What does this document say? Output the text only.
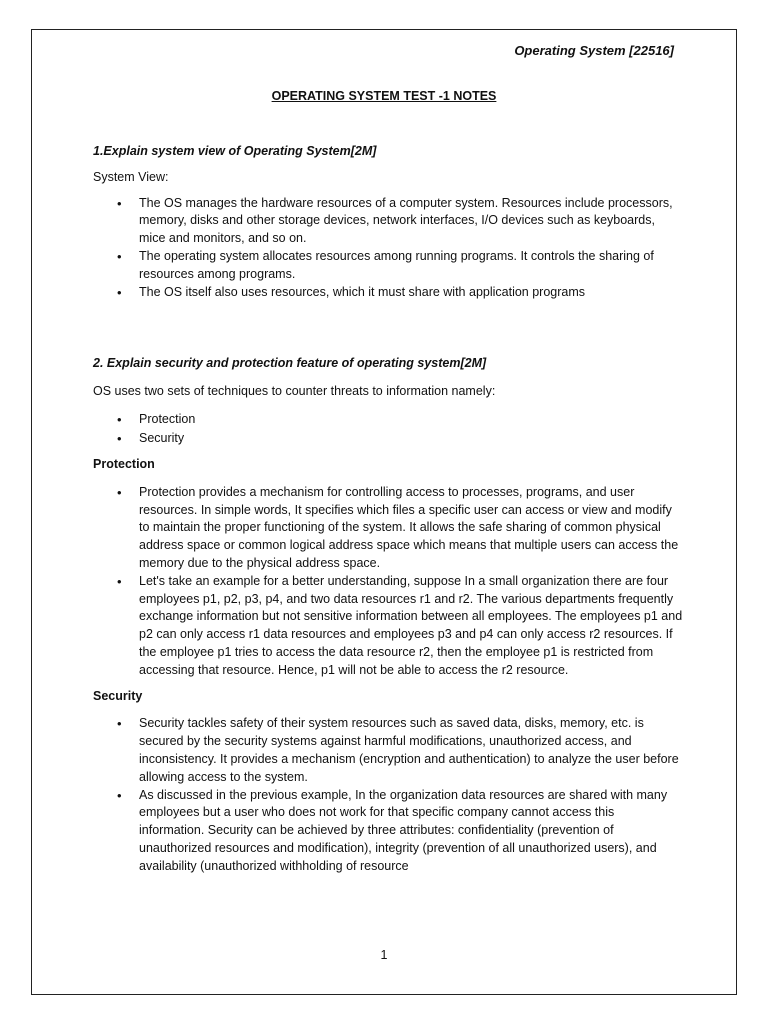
Operating System [22516]
OPERATING SYSTEM TEST -1 NOTES

1.Explain system view of Operating System[2M]

System View:

• The OS manages the hardware resources of a computer system. Resources include processors, memory, disks and other storage devices, network interfaces, I/O devices such as keyboards, mice and monitors, and so on.
• The operating system allocates resources among running programs. It controls the sharing of resources among programs.
• The OS itself also uses resources, which it must share with application programs

2. Explain security and protection feature of operating system[2M]

OS uses two sets of techniques to counter threats to information namely:

• Protection
• Security

Protection

• Protection provides a mechanism for controlling access to processes, programs, and user resources. In simple words, It specifies which files a specific user can access or view and modify to maintain the proper functioning of the system. It allows the safe sharing of common physical address space or common logical address space which means that multiple users can access the memory due to the physical address space.
• Let's take an example for a better understanding, suppose In a small organization there are four employees p1, p2, p3, p4, and two data resources r1 and r2. The various departments frequently exchange information but not sensitive information between all employees. The employees p1 and p2 can only access r1 data resources and employees p3 and p4 can only access r2 resources. If the employee p1 tries to access the data resource r2, then the employee p1 is restricted from accessing that resource. Hence, p1 will not be able to access the r2 resource.

Security

• Security tackles safety of their system resources such as saved data, disks, memory, etc. is secured by the security systems against harmful modifications, unauthorized access, and inconsistency. It provides a mechanism (encryption and authentication) to analyze the user before allowing access to the system.
• As discussed in the previous example, In the organization data resources are shared with many employees but a user who does not work for that specific company cannot access this information. Security can be achieved by three attributes: confidentiality (prevention of unauthorized resources and modification), integrity (prevention of all unauthorized users), and availability (unauthorized withholding of resource
1
